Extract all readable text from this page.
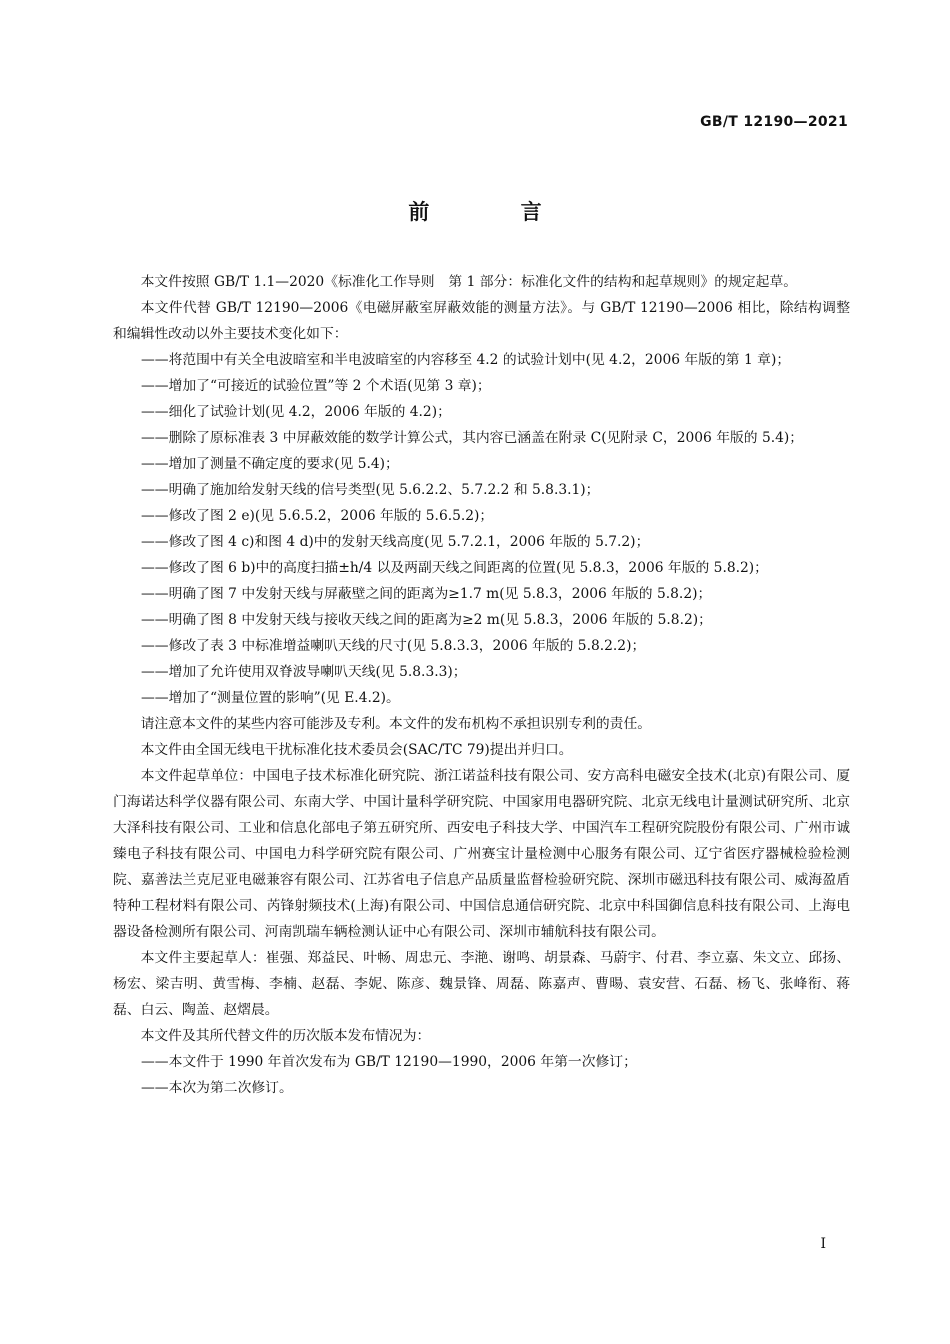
GB/T 12190—2021
前 言

本文件按照 GB/T 1.1—2020《标准化工作导则　第 1 部分：标准化文件的结构和起草规则》的规定起草。

本文件代替 GB/T 12190—2006《电磁屏蔽室屏蔽效能的测量方法》。与 GB/T 12190—2006 相比，除结构调整和编辑性改动以外主要技术变化如下：

——将范围中有关全电波暗室和半电波暗室的内容移至 4.2 的试验计划中(见 4.2，2006 年版的第 1 章)；

——增加了“可接近的试验位置”等 2 个术语(见第 3 章)；

——细化了试验计划(见 4.2，2006 年版的 4.2)；

——删除了原标准表 3 中屏蔽效能的数学计算公式，其内容已涵盖在附录 C(见附录 C，2006 年版的 5.4)；

——增加了测量不确定度的要求(见 5.4)；

——明确了施加给发射天线的信号类型(见 5.6.2.2、5.7.2.2 和 5.8.3.1)；

——修改了图 2 e)(见 5.6.5.2，2006 年版的 5.6.5.2)；

——修改了图 4 c)和图 4 d)中的发射天线高度(见 5.7.2.1，2006 年版的 5.7.2)；

——修改了图 6 b)中的高度扫描±h/4 以及两副天线之间距离的位置(见 5.8.3，2006 年版的 5.8.2)；

——明确了图 7 中发射天线与屏蔽壁之间的距离为≥1.7 m(见 5.8.3，2006 年版的 5.8.2)；

——明确了图 8 中发射天线与接收天线之间的距离为≥2 m(见 5.8.3，2006 年版的 5.8.2)；

——修改了表 3 中标准增益喇叭天线的尺寸(见 5.8.3.3，2006 年版的 5.8.2.2)；

——增加了允许使用双脊波导喇叭天线(见 5.8.3.3)；

——增加了“测量位置的影响”(见 E.4.2)。

请注意本文件的某些内容可能涉及专利。本文件的发布机构不承担识别专利的责任。

本文件由全国无线电干扰标准化技术委员会(SAC/TC 79)提出并归口。

本文件起草单位：中国电子技术标准化研究院、浙江诺益科技有限公司、安方高科电磁安全技术(北京)有限公司、厦门海诺达科学仪器有限公司、东南大学、中国计量科学研究院、中国家用电器研究院、北京无线电计量测试研究所、北京大泽科技有限公司、工业和信息化部电子第五研究所、西安电子科技大学、中国汽车工程研究院股份有限公司、广州市诚臻电子科技有限公司、中国电力科学研究院有限公司、广州赛宝计量检测中心服务有限公司、辽宁省医疗器械检验检测院、嘉善法兰克尼亚电磁兼容有限公司、江苏省电子信息产品质量监督检验研究院、深圳市磁迅科技有限公司、威海盈盾特种工程材料有限公司、芮锋射频技术(上海)有限公司、中国信息通信研究院、北京中科国御信息科技有限公司、上海电器设备检测所有限公司、河南凯瑞车辆检测认证中心有限公司、深圳市辅航科技有限公司。

本文件主要起草人：崔强、郑益民、叶畅、周忠元、李滟、谢鸣、胡景森、马蔚宇、付君、李立嘉、朱文立、邱扬、杨宏、梁吉明、黄雪梅、李楠、赵磊、李妮、陈彦、魏景锋、周磊、陈嘉声、曹暘、袁安营、石磊、杨飞、张峰衔、蒋磊、白云、陶盖、赵熠晨。

本文件及其所代替文件的历次版本发布情况为：

——本文件于 1990 年首次发布为 GB/T 12190—1990，2006 年第一次修订；

——本次为第二次修订。

I
